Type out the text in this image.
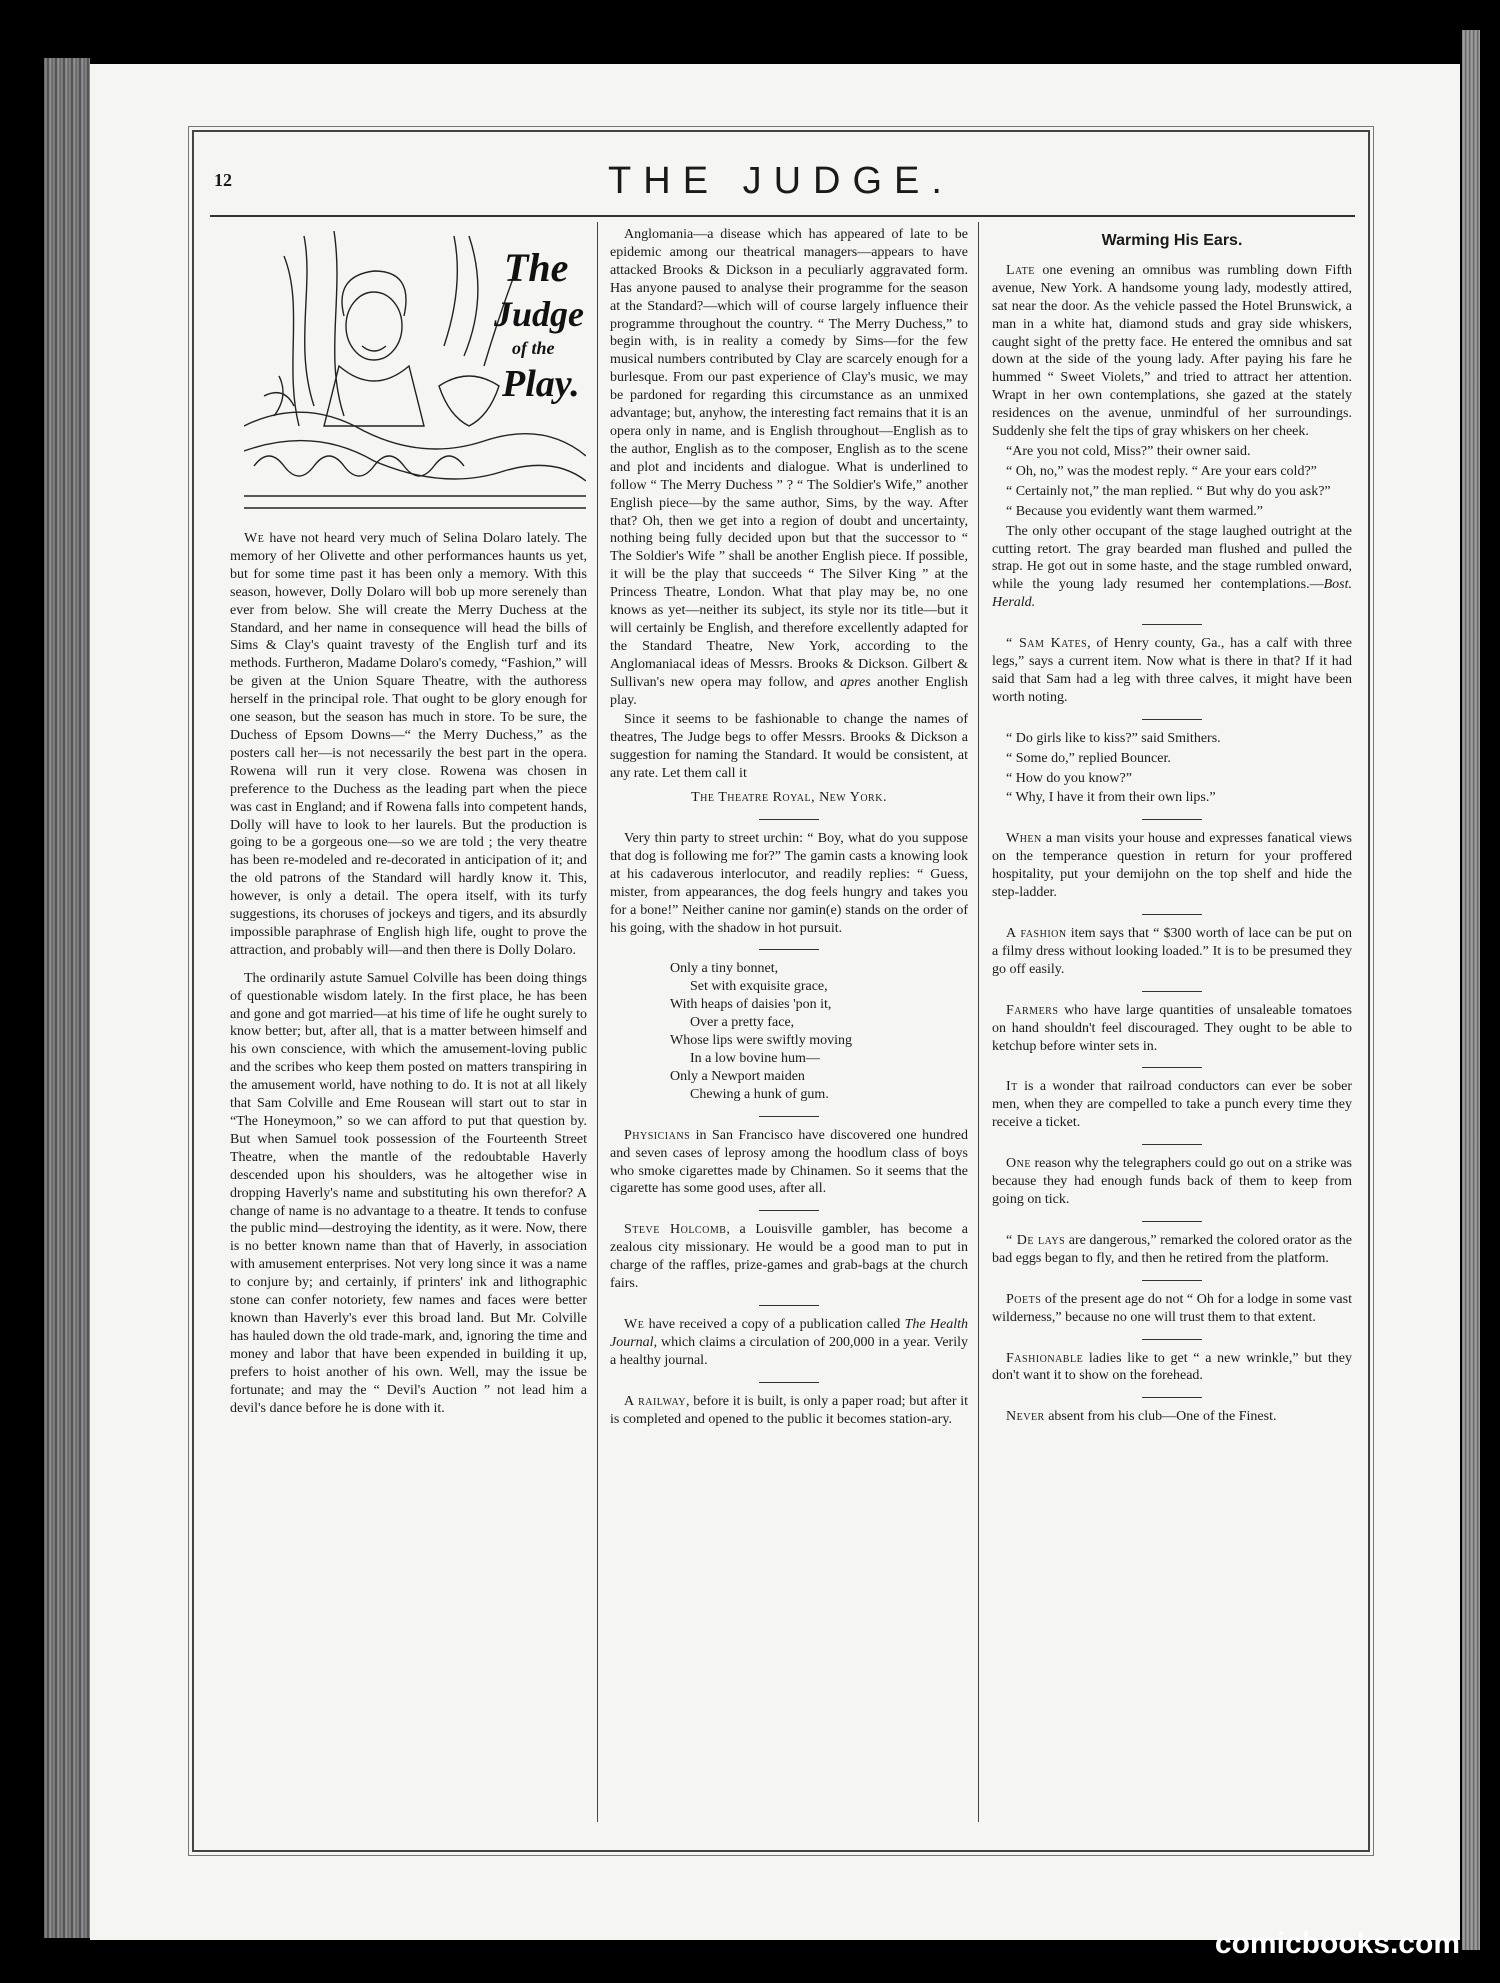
12	THE JUDGE.
The
Judge
of the
Play.

We have not heard very much of Selina Dolaro lately. The memory of her Olivette and other performances haunts us yet, but for some time past it has been only a memory. With this season, however, Dolly Dolaro will bob up more serenely than ever from below. She will create the Merry Duchess at the Standard, and her name in consequence will head the bills of Sims & Clay's quaint travesty of the English turf and its methods. Furtheron, Madame Dolaro's comedy, “Fashion,” will be given at the Union Square Theatre, with the authoress herself in the principal role. That ought to be glory enough for one season, but the season has much in store. To be sure, the Duchess of Epsom Downs—“ the Merry Duchess,” as the posters call her—is not necessarily the best part in the opera. Rowena will run it very close. Rowena was chosen in preference to the Duchess as the leading part when the piece was cast in England; and if Rowena falls into competent hands, Dolly will have to look to her laurels. But the production is going to be a gorgeous one—so we are told ; the very theatre has been re-modeled and re-decorated in anticipation of it; and the old patrons of the Standard will hardly know it. This, however, is only a detail. The opera itself, with its turfy suggestions, its choruses of jockeys and tigers, and its absurdly impossible paraphrase of English high life, ought to prove the attraction, and probably will—and then there is Dolly Dolaro.

The ordinarily astute Samuel Colville has been doing things of questionable wisdom lately. In the first place, he has been and gone and got married—at his time of life he ought surely to know better; but, after all, that is a matter between himself and his own conscience, with which the amusement-loving public and the scribes who keep them posted on matters transpiring in the amusement world, have nothing to do. It is not at all likely that Sam Colville and Eme Rousean will start out to star in “The Honeymoon,” so we can afford to put that question by. But when Samuel took possession of the Fourteenth Street Theatre, when the mantle of the redoubtable Haverly descended upon his shoulders, was he altogether wise in dropping Haverly's name and substituting his own therefor? A change of name is no advantage to a theatre. It tends to confuse the public mind—destroying the identity, as it were. Now, there is no better known name than that of Haverly, in association with amusement enterprises. Not very long since it was a name to conjure by; and certainly, if printers' ink and lithographic stone can confer notoriety, few names and faces were better known than Haverly's ever this broad land. But Mr. Colville has hauled down the old trade-mark, and, ignoring the time and money and labor that have been expended in building it up, prefers to hoist another of his own. Well, may the issue be fortunate; and may the “ Devil's Auction ” not lead him a devil's dance before he is done with it.

Anglomania—a disease which has appeared of late to be epidemic among our theatrical managers—appears to have attacked Brooks & Dickson in a peculiarly aggravated form. Has anyone paused to analyse their programme for the season at the Standard?—which will of course largely influence their programme throughout the country. “ The Merry Duchess,” to begin with, is in reality a comedy by Sims—for the few musical numbers contributed by Clay are scarcely enough for a burlesque. From our past experience of Clay's music, we may be pardoned for regarding this circumstance as an unmixed advantage; but, anyhow, the interesting fact remains that it is an opera only in name, and is English throughout—English as to the author, English as to the composer, English as to the scene and plot and incidents and dialogue. What is underlined to follow “ The Merry Duchess ” ? “ The Soldier's Wife,” another English piece—by the same author, Sims, by the way. After that? Oh, then we get into a region of doubt and uncertainty, nothing being fully decided upon but that the successor to “ The Soldier's Wife ” shall be another English piece. If possible, it will be the play that succeeds “ The Silver King ” at the Princess Theatre, London. What that play may be, no one knows as yet—neither its subject, its style nor its title—but it will certainly be English, and therefore excellently adapted for the Standard Theatre, New York, according to the Anglomaniacal ideas of Messrs. Brooks & Dickson. Gilbert & Sullivan's new opera may follow, and apres another English play.

Since it seems to be fashionable to change the names of theatres, The Judge begs to offer Messrs. Brooks & Dickson a suggestion for naming the Standard. It would be consistent, at any rate. Let them call it

The Theatre Royal, New York.

Very thin party to street urchin: “ Boy, what do you suppose that dog is following me for?” The gamin casts a knowing look at his cadaverous interlocutor, and readily replies: “ Guess, mister, from appearances, the dog feels hungry and takes you for a bone!” Neither canine nor gamin(e) stands on the order of his going, with the shadow in hot pursuit.

Only a tiny bonnet,

Set with exquisite grace,

With heaps of daisies 'pon it,

Over a pretty face,

Whose lips were swiftly moving

In a low bovine hum—

Only a Newport maiden

Chewing a hunk of gum.

Physicians in San Francisco have discovered one hundred and seven cases of leprosy among the hoodlum class of boys who smoke cigarettes made by Chinamen. So it seems that the cigarette has some good uses, after all.

Steve Holcomb, a Louisville gambler, has become a zealous city missionary. He would be a good man to put in charge of the raffles, prize-games and grab-bags at the church fairs.

We have received a copy of a publication called The Health Journal, which claims a circulation of 200,000 in a year. Verily a healthy journal.

A railway, before it is built, is only a paper road; but after it is completed and opened to the public it becomes station-ary.

Warming His Ears.

Late one evening an omnibus was rumbling down Fifth avenue, New York. A handsome young lady, modestly attired, sat near the door. As the vehicle passed the Hotel Brunswick, a man in a white hat, diamond studs and gray side whiskers, caught sight of the pretty face. He entered the omnibus and sat down at the side of the young lady. After paying his fare he hummed “ Sweet Violets,” and tried to attract her attention. Wrapt in her own contemplations, she gazed at the stately residences on the avenue, unmindful of her surroundings. Suddenly she felt the tips of gray whiskers on her cheek.

“Are you not cold, Miss?” their owner said.

“ Oh, no,” was the modest reply. “ Are your ears cold?”

“ Certainly not,” the man replied. “ But why do you ask?”

“ Because you evidently want them warmed.”

The only other occupant of the stage laughed outright at the cutting retort. The gray bearded man flushed and pulled the strap. He got out in some haste, and the stage rumbled onward, while the young lady resumed her contemplations.—Bost. Herald.

“ Sam Kates, of Henry county, Ga., has a calf with three legs,” says a current item. Now what is there in that? If it had said that Sam had a leg with three calves, it might have been worth noting.

“ Do girls like to kiss?” said Smithers.

“ Some do,” replied Bouncer.

“ How do you know?”

“ Why, I have it from their own lips.”

When a man visits your house and expresses fanatical views on the temperance question in return for your proffered hospitality, put your demijohn on the top shelf and hide the step-ladder.

A fashion item says that “ $300 worth of lace can be put on a filmy dress without looking loaded.” It is to be presumed they go off easily.

Farmers who have large quantities of unsaleable tomatoes on hand shouldn't feel discouraged. They ought to be able to ketchup before winter sets in.

It is a wonder that railroad conductors can ever be sober men, when they are compelled to take a punch every time they receive a ticket.

One reason why the telegraphers could go out on a strike was because they had enough funds back of them to keep from going on tick.

“ De lays are dangerous,” remarked the colored orator as the bad eggs began to fly, and then he retired from the platform.

Poets of the present age do not “ Oh for a lodge in some vast wilderness,” because no one will trust them to that extent.

Fashionable ladies like to get “ a new wrinkle,” but they don't want it to show on the forehead.

Never absent from his club—One of the Finest.

comicbooks.com
